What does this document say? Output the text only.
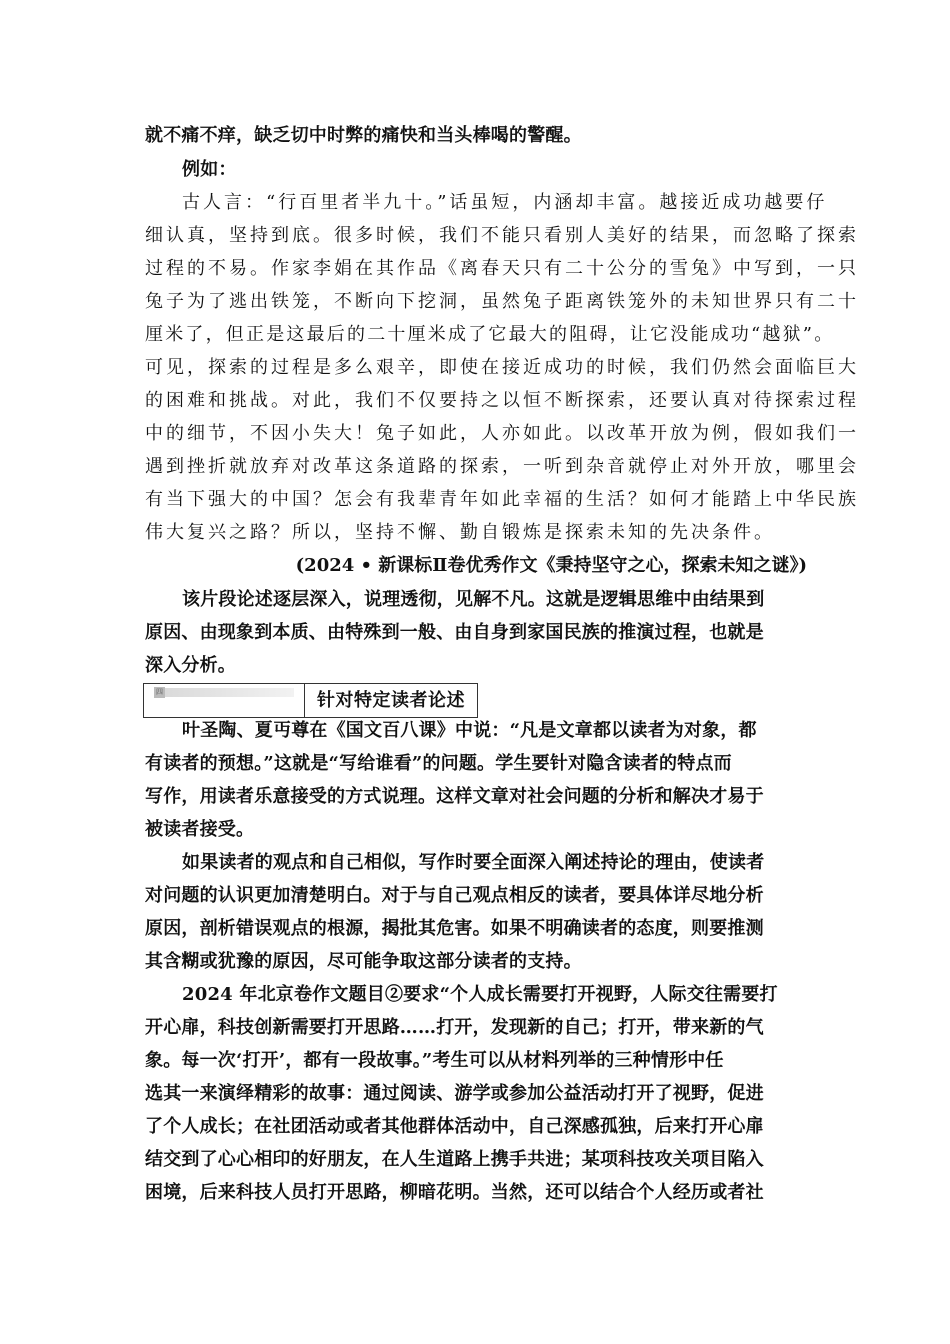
就不痛不痒，缺乏切中时弊的痛快和当头棒喝的警醒。
例如：
古人言：“行百里者半九十。”话虽短，内涵却丰富。越接近成功越要仔
细认真，坚持到底。很多时候，我们不能只看别人美好的结果，而忽略了探索
过程的不易。作家李娟在其作品《离春天只有二十公分的雪兔》中写到，一只
兔子为了逃出铁笼，不断向下挖洞，虽然兔子距离铁笼外的未知世界只有二十
厘米了，但正是这最后的二十厘米成了它最大的阻碍，让它没能成功“越狱”。
可见，探索的过程是多么艰辛，即使在接近成功的时候，我们仍然会面临巨大
的困难和挑战。对此，我们不仅要持之以恒不断探索，还要认真对待探索过程
中的细节，不因小失大！兔子如此，人亦如此。以改革开放为例，假如我们一
遇到挫折就放弃对改革这条道路的探索，一听到杂音就停止对外开放，哪里会
有当下强大的中国？怎会有我辈青年如此幸福的生活？如何才能踏上中华民族
伟大复兴之路？所以，坚持不懈、勤自锻炼是探索未知的先决条件。
(2024 • 新课标Ⅱ卷优秀作文《秉持坚守之心，探索未知之谜》)
该片段论述逐层深入，说理透彻，见解不凡。这就是逻辑思维中由结果到
原因、由现象到本质、由特殊到一般、由自身到家国民族的推演过程，也就是
深入分析。
四	针对特定读者论述
叶圣陶、夏丏尊在《国文百八课》中说：“凡是文章都以读者为对象，都
有读者的预想。”这就是“写给谁看”的问题。学生要针对隐含读者的特点而
写作，用读者乐意接受的方式说理。这样文章对社会问题的分析和解决才易于
被读者接受。
如果读者的观点和自己相似，写作时要全面深入阐述持论的理由，使读者
对问题的认识更加清楚明白。对于与自己观点相反的读者，要具体详尽地分析
原因，剖析错误观点的根源，揭批其危害。如果不明确读者的态度，则要推测
其含糊或犹豫的原因，尽可能争取这部分读者的支持。
2024 年北京卷作文题目②要求“个人成长需要打开视野，人际交往需要打
开心扉，科技创新需要打开思路……打开，发现新的自己；打开，带来新的气
象。每一次‘打开’，都有一段故事。”考生可以从材料列举的三种情形中任
选其一来演绎精彩的故事：通过阅读、游学或参加公益活动打开了视野，促进
了个人成长；在社团活动或者其他群体活动中，自己深感孤独，后来打开心扉
结交到了心心相印的好朋友，在人生道路上携手共进；某项科技攻关项目陷入
困境，后来科技人员打开思路，柳暗花明。当然，还可以结合个人经历或者社
